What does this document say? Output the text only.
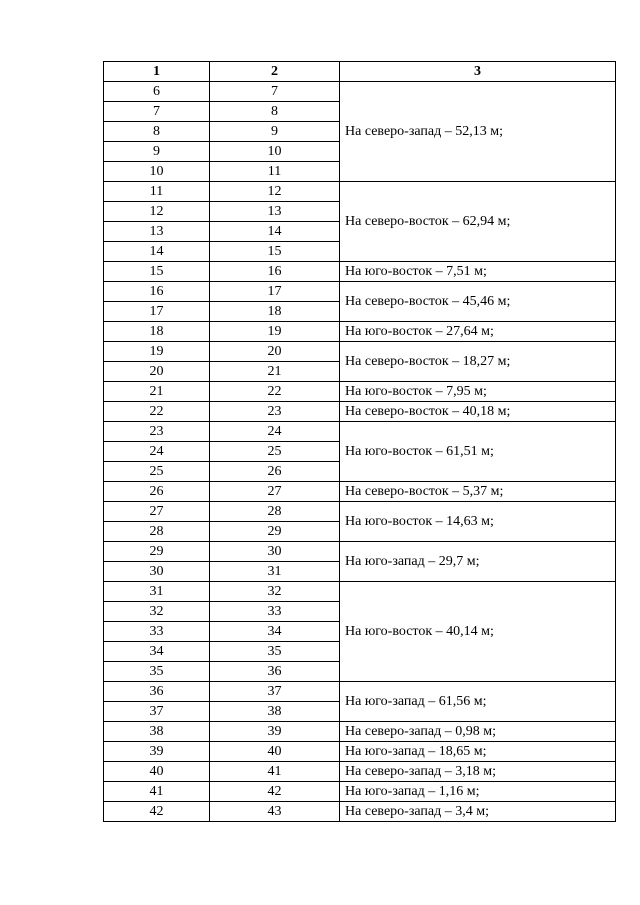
1	2	3
6	7	На северо-запад – 52,13 м;
7	8	
8	9	
9	10	
10	11	
11	12	На северо-восток – 62,94 м;
12	13	
13	14	
14	15	
15	16	На юго-восток – 7,51 м;
16	17	На северо-восток – 45,46 м;
17	18	
18	19	На юго-восток – 27,64 м;
19	20	На северо-восток – 18,27 м;
20	21	
21	22	На юго-восток – 7,95 м;
22	23	На северо-восток – 40,18 м;
23	24	На юго-восток – 61,51 м;
24	25	
25	26	
26	27	На северо-восток – 5,37 м;
27	28	На юго-восток – 14,63 м;
28	29	
29	30	На юго-запад – 29,7 м;
30	31	
31	32	На юго-восток – 40,14 м;
32	33	
33	34	
34	35	
35	36	
36	37	На юго-запад – 61,56 м;
37	38	
38	39	На северо-запад – 0,98 м;
39	40	На юго-запад – 18,65 м;
40	41	На северо-запад – 3,18 м;
41	42	На юго-запад – 1,16 м;
42	43	На северо-запад – 3,4 м;
